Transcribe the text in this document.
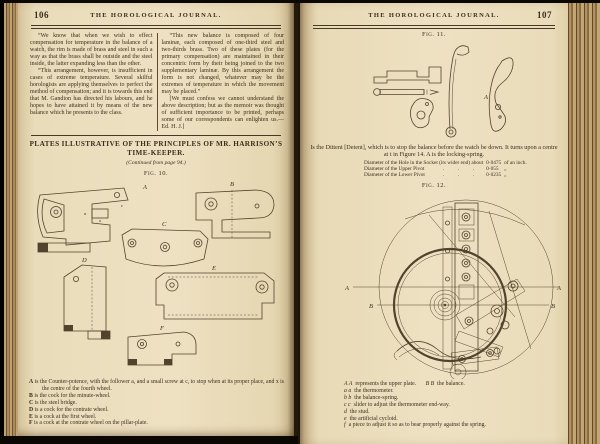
106	THE HOROLOGICAL JOURNAL.

“We know that when we wish to effect compensation for temperature in the balance of a watch, the rim is made of brass and steel in such a way as that the brass shall be outside and the steel inside, the latter expanding less than the other.

“This arrangement, however, is insufficient in cases of extreme temperature. Several skilful horologists are applying themselves to perfect the method of compensation; and it is towards this end that M. Gandion has directed his labours, and he hopes to have attained it by means of the new balance which he presents to the class.

“This new balance is composed of four laminæ, each composed of one-third steel and two-thirds brass. Two of these plates (for the primary compensation) are maintained in their concentric form by their being joined to the two supplementary laminæ. By this arrangement the form is not changed, whatever may be the extremes of temperature in which the movement may be placed.”

[We must confess we cannot understand the above description; but as the memoir was thought of sufficient importance to be printed, perhaps some of our correspondents can enlighten us.—Ed. H. J.]

PLATES ILLUSTRATIVE OF THE PRINCIPLES OF MR. HARRISON’S
TIME-KEEPER.
(Continued from page 94.)
Fig. 10.
a
c
x
A	B
C
D
E
F
A is the Counter-potence, with the follower a, and a small screw at c, to stop when at its proper place, and x is the centre of the fourth wheel.
B is the cock for the minute-wheel.
C is the steel bridge.
D is a cock for the contrate wheel.
E is a cock at the first wheel.
F is a cock at the contrate wheel on the pillar-plate.
107
THE HOROLOGICAL JOURNAL.
Fig. 11.
A
Is the Dittent [Detent], which is to stop the balance before the watch be down. It turns upon a centre at t in Figure 14. A is the locking-spring.
Diameter of the Hole in the Socket (its wider end) about		0·0475	of an inch.
Diameter of the Upper Pivot	.  .  .	0·055	„
Diameter of the Lower Pivot	.  .  .	0·0235	„
Fig. 12.
A	A
B	B
A A represents the upper plate. B B the balance.
a a the thermometer.
b b the balance-spring.
c c slider to adjust the thermometer end-way.
d the stud.
e the artificial cycloid.
f a piece to adjust it so as to bear properly against the spring.
